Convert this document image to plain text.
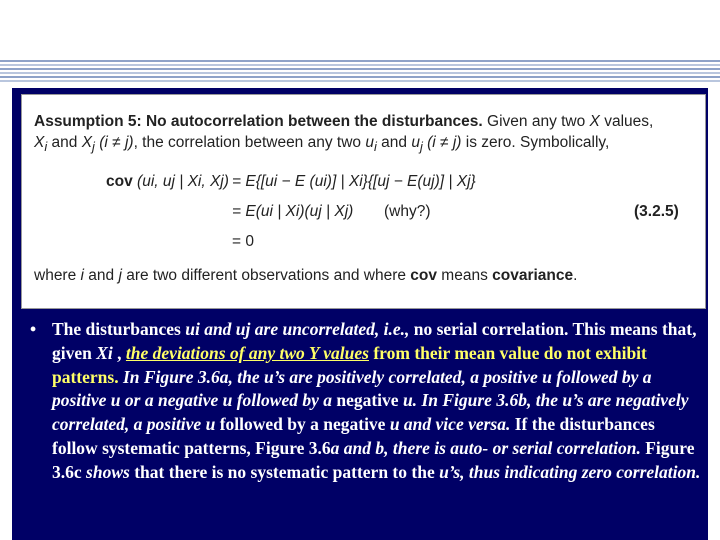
Assumption 5: No autocorrelation between the disturbances. Given any two X values,
$X_i$ and $X_j$ (i ≠ j), the correlation between any two $u_i$ and $u_j$ (i ≠ j) is zero. Symbolically,
cov (ui, uj | Xi, Xj) = E{[ui − E (ui)] | Xi}{[uj − E(uj)] | Xj}
= E(ui | Xi)(uj | Xj) (why?)	(3.2.5)
= 0
where i and j are two different observations and where cov means covariance.
• The disturbances ui and uj are uncorrelated, i.e., no serial correlation. This means that, given Xi , the deviations of any two Y values from their mean value do not exhibit patterns. In Figure 3.6a, the u’s are positively correlated, a positive u followed by a positive u or a negative u followed by a negative u. In Figure 3.6b, the u’s are negatively correlated, a positive u followed by a negative u and vice versa. If the disturbances follow systematic patterns, Figure 3.6a and b, there is auto- or serial correlation. Figure 3.6c shows that there is no systematic pattern to the u’s, thus indicating zero correlation.
